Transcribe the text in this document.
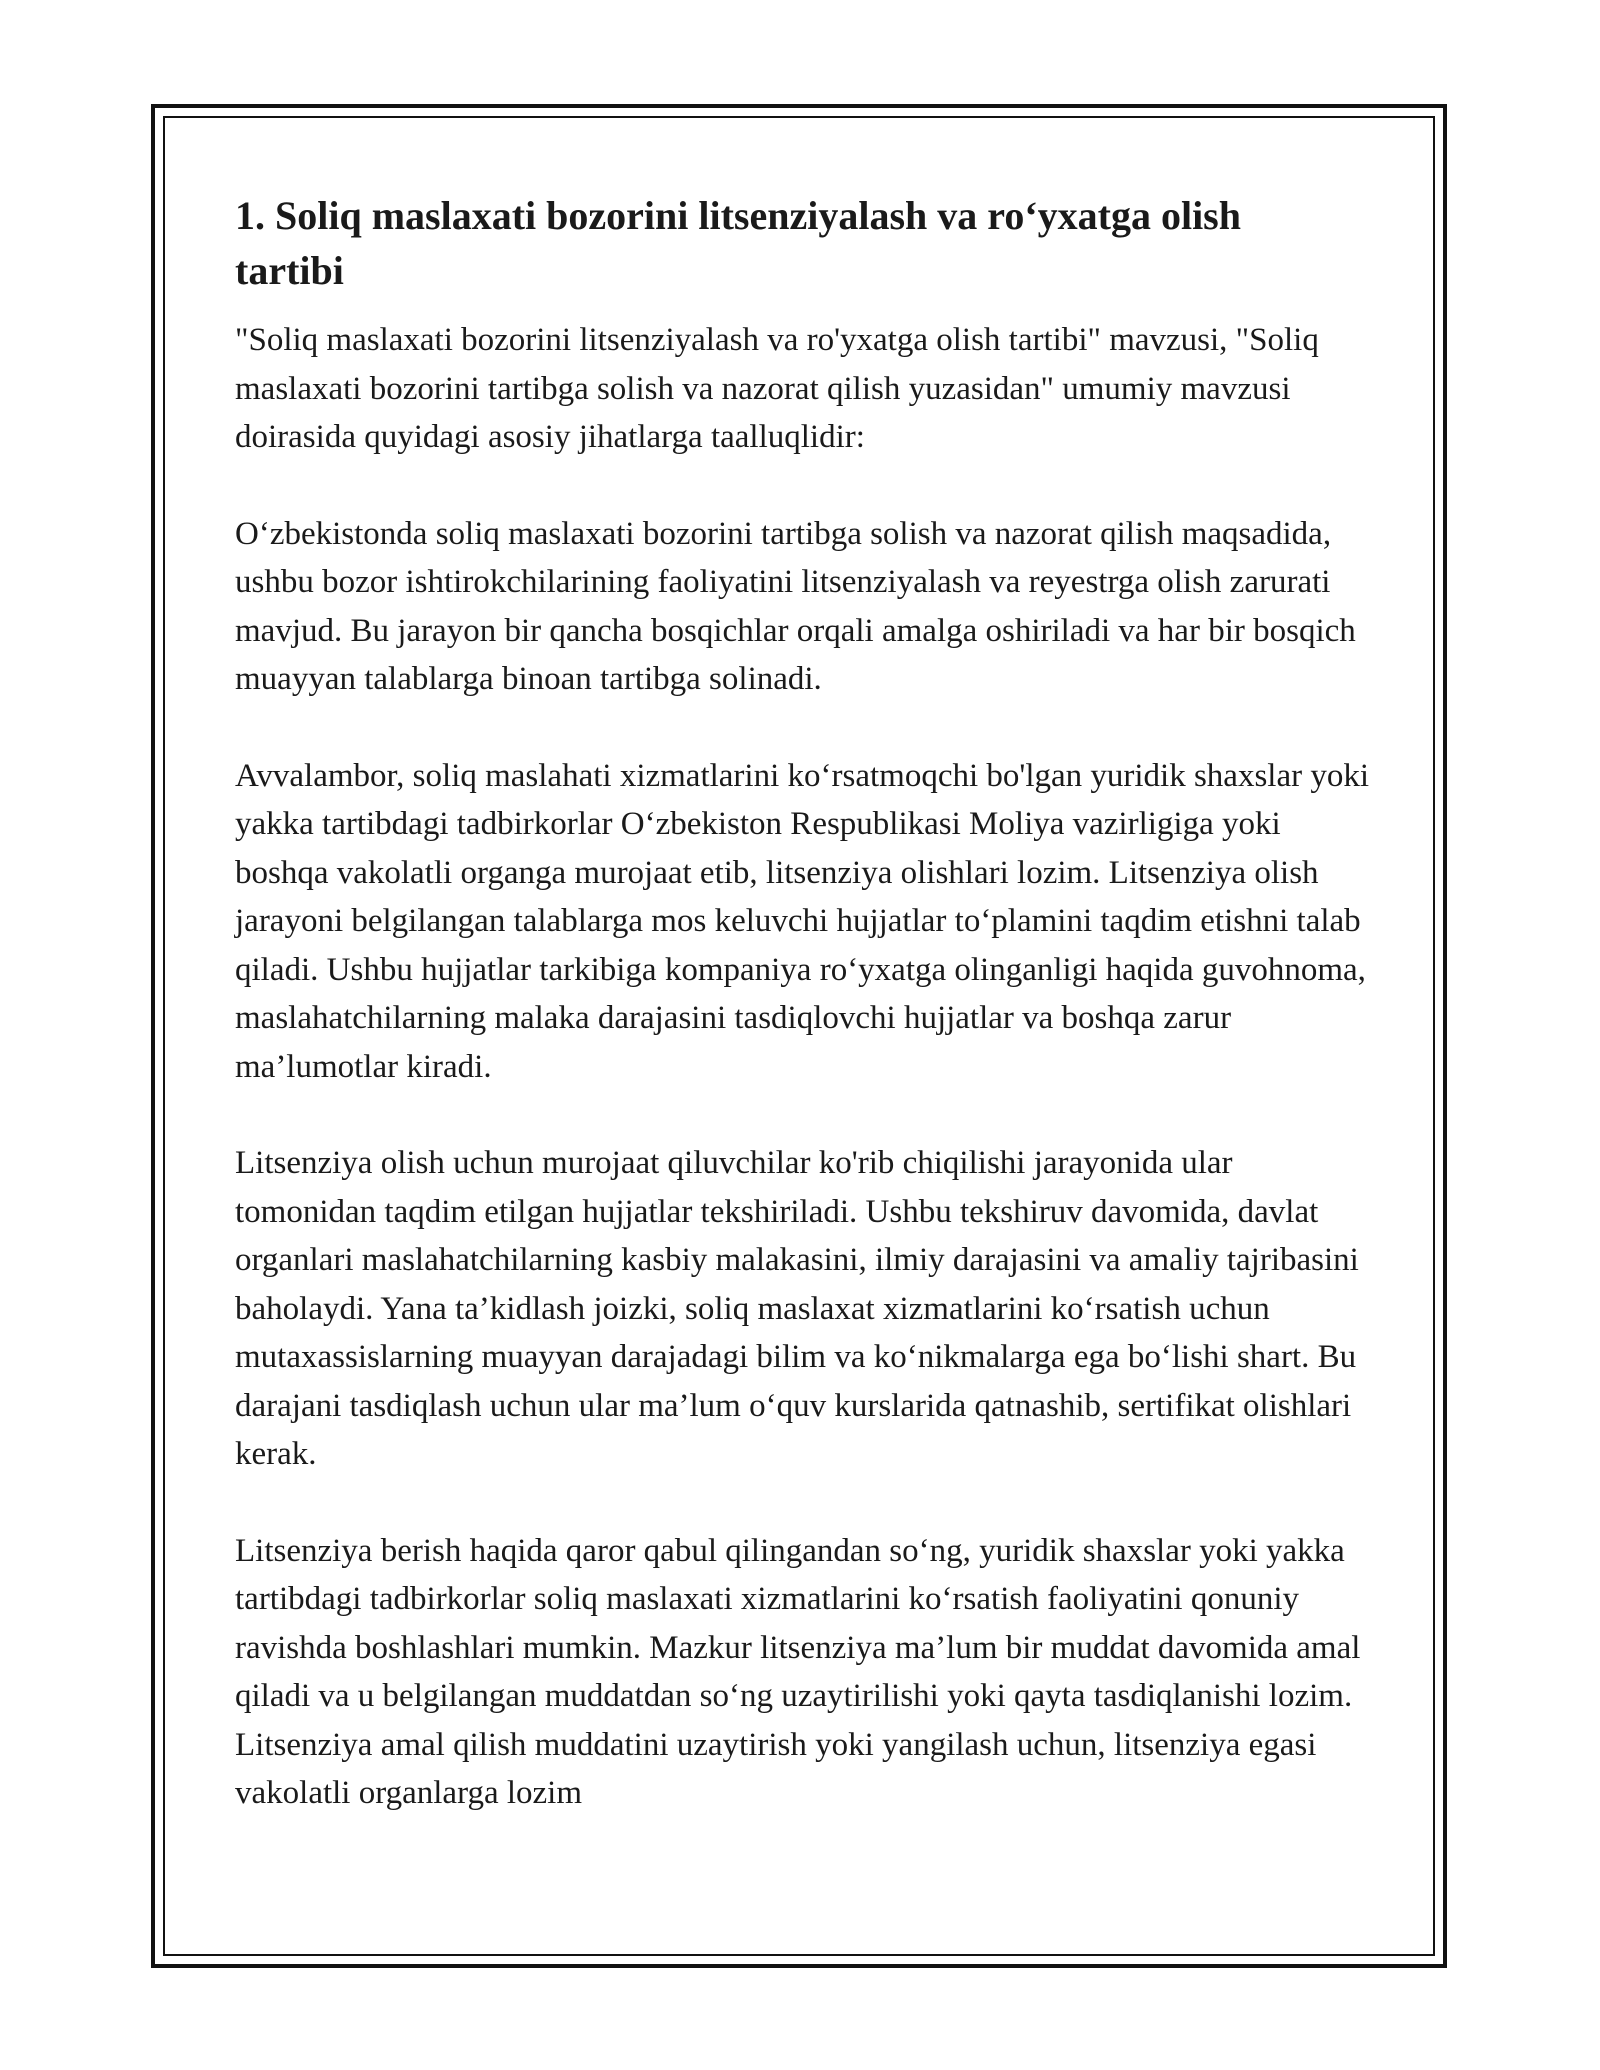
1. Soliq maslaxati bozorini litsenziyalash va ro‘yxatga olish tartibi

"Soliq maslaxati bozorini litsenziyalash va ro'yxatga olish tartibi" mavzusi, "Soliq maslaxati bozorini tartibga solish va nazorat qilish yuzasidan" umumiy mavzusi doirasida quyidagi asosiy jihatlarga taalluqlidir:

O‘zbekistonda soliq maslaxati bozorini tartibga solish va nazorat qilish maqsadida, ushbu bozor ishtirokchilarining faoliyatini litsenziyalash va reyestrga olish zarurati mavjud. Bu jarayon bir qancha bosqichlar orqali amalga oshiriladi va har bir bosqich muayyan talablarga binoan tartibga solinadi.

Avvalambor, soliq maslahati xizmatlarini ko‘rsatmoqchi bo'lgan yuridik shaxslar yoki yakka tartibdagi tadbirkorlar O‘zbekiston Respublikasi Moliya vazirligiga yoki boshqa vakolatli organga murojaat etib, litsenziya olishlari lozim. Litsenziya olish jarayoni belgilangan talablarga mos keluvchi hujjatlar to‘plamini taqdim etishni talab qiladi. Ushbu hujjatlar tarkibiga kompaniya ro‘yxatga olinganligi haqida guvohnoma, maslahatchilarning malaka darajasini tasdiqlovchi hujjatlar va boshqa zarur ma’lumotlar kiradi.

Litsenziya olish uchun murojaat qiluvchilar ko'rib chiqilishi jarayonida ular tomonidan taqdim etilgan hujjatlar tekshiriladi. Ushbu tekshiruv davomida, davlat organlari maslahatchilarning kasbiy malakasini, ilmiy darajasini va amaliy tajribasini baholaydi. Yana ta’kidlash joizki, soliq maslaxat xizmatlarini ko‘rsatish uchun mutaxassislarning muayyan darajadagi bilim va ko‘nikmalarga ega bo‘lishi shart. Bu darajani tasdiqlash uchun ular ma’lum o‘quv kurslarida qatnashib, sertifikat olishlari kerak.

Litsenziya berish haqida qaror qabul qilingandan so‘ng, yuridik shaxslar yoki yakka tartibdagi tadbirkorlar soliq maslaxati xizmatlarini ko‘rsatish faoliyatini qonuniy ravishda boshlashlari mumkin. Mazkur litsenziya ma’lum bir muddat davomida amal qiladi va u belgilangan muddatdan so‘ng uzaytirilishi yoki qayta tasdiqlanishi lozim. Litsenziya amal qilish muddatini uzaytirish yoki yangilash uchun, litsenziya egasi vakolatli organlarga lozim
